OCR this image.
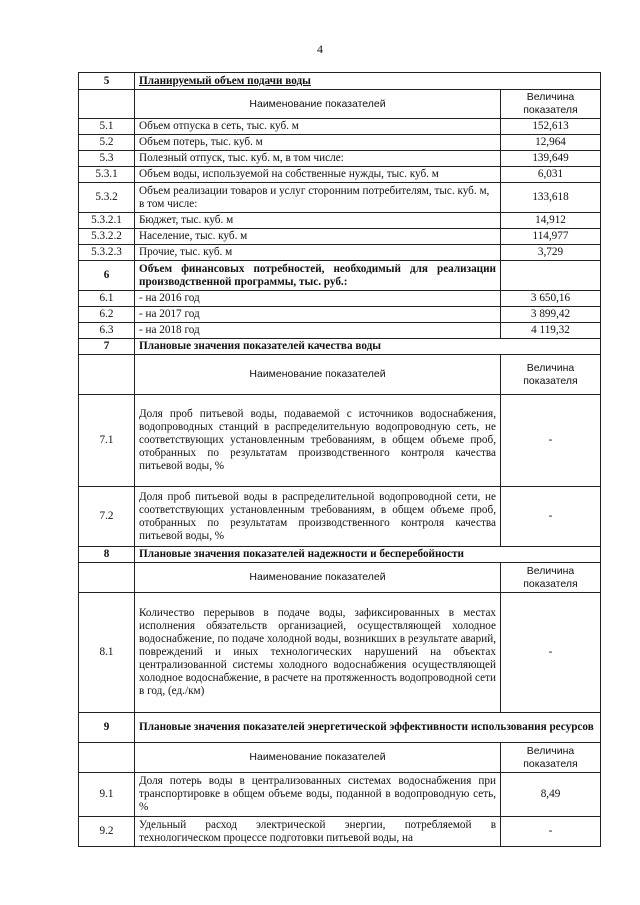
4
5	Планируемый объем подачи воды	
	Наименование показателей	Величина показателя
5.1	Объем отпуска в сеть, тыс. куб. м	152,613
5.2	Объем потерь, тыс. куб. м	12,964
5.3	Полезный отпуск, тыс. куб. м, в том числе:	139,649
5.3.1	Объем воды, используемой на собственные нужды, тыс. куб. м	6,031
5.3.2	Объем реализации товаров и услуг сторонним потребителям, тыс. куб. м, в том числе:	133,618
5.3.2.1	Бюджет, тыс. куб. м	14,912
5.3.2.2	Население, тыс. куб. м	114,977
5.3.2.3	Прочие, тыс. куб. м	3,729
6	Объем финансовых потребностей, необходимый для реализации производственной программы, тыс. руб.:	
6.1	- на 2016 год	3 650,16
6.2	- на 2017 год	3 899,42
6.3	- на 2018 год	4 119,32
7	Плановые значения показателей качества воды	
	Наименование показателей	Величина показателя
7.1	Доля проб питьевой воды, подаваемой с источников водоснабжения, водопроводных станций в распределительную водопроводную сеть, не соответствующих установленным требованиям, в общем объеме проб, отобранных по результатам производственного контроля качества питьевой воды, %	-
7.2	Доля проб питьевой воды в распределительной водопроводной сети, не соответствующих установленным требованиям, в общем объеме проб, отобранных по результатам производственного контроля качества питьевой воды, %	-
8	Плановые значения показателей надежности и бесперебойности	
	Наименование показателей	Величина показателя
8.1	Количество перерывов в подаче воды, зафиксированных в местах исполнения обязательств организацией, осуществляющей холодное водоснабжение, по подаче холодной воды, возникших в результате аварий, повреждений и иных технологических нарушений на объектах централизованной системы холодного водоснабжения осуществляющей холодное водоснабжение, в расчете на протяженность водопроводной сети в год, (ед./км)	-
9	Плановые значения показателей энергетической эффективности использования ресурсов	
	Наименование показателей	Величина показателя
9.1	Доля потерь воды в централизованных системах водоснабжения при транспортировке в общем объеме воды, поданной в водопроводную сеть, %	8,49
9.2	Удельный расход электрической энергии, потребляемой в технологическом процессе подготовки питьевой воды, на	-
